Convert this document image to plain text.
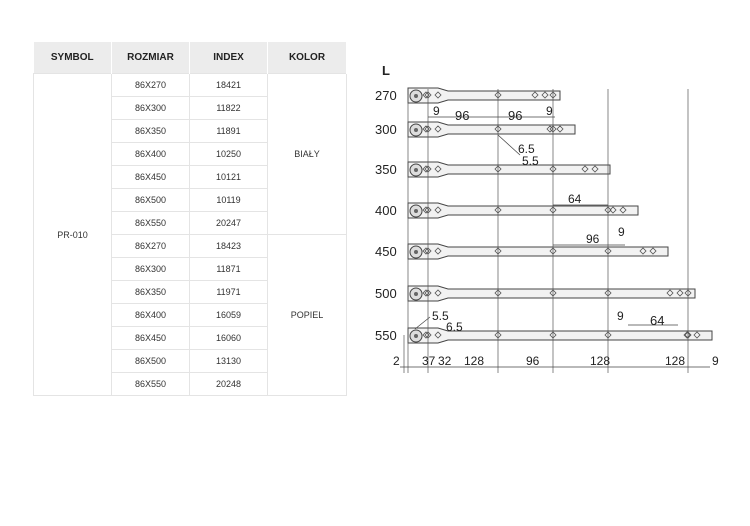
SYMBOL	ROZMIAR	INDEX	KOLOR
PR-010	86X270	18421	BIAŁY
	86X300	11822	
	86X350	11891	
	86X400	10250	
	86X450	10121	
	86X500	10119	
	86X550	20247	
	86X270	18423	POPIEL
	86X300	11871	
	86X350	11971	
	86X400	16059	
	86X450	16060	
	86X500	13130	
	86X550	20248	
L
270
300
350
400
450
500
550
9 96	96 9
6.5
5.5
64
96 9
9 64
5.5
6.5
2 37 32 128	96	128	128 9
